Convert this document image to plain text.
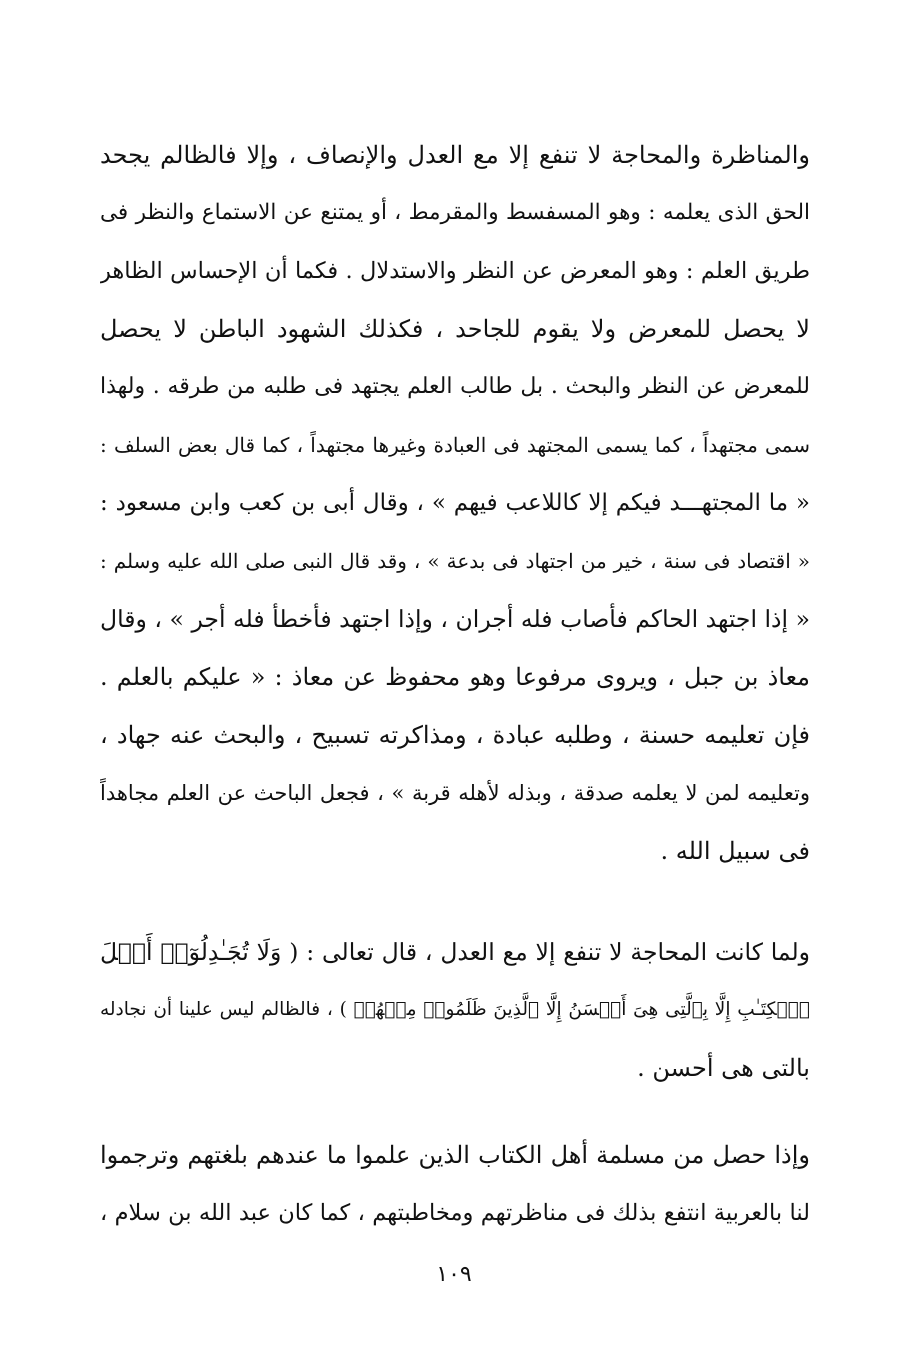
والمناظرة والمحاجة لا تنفع إلا مع العدل والإنصاف ، وإلا فالظالم يجحد
الحق الذى يعلمه : وهو المسفسط والمقرمط ، أو يمتنع عن الاستماع والنظر فى
طريق العلم : وهو المعرض عن النظر والاستدلال . فكما أن الإحساس الظاهر
لا يحصل للمعرض ولا يقوم للجاحد ، فكذلك الشهود الباطن لا يحصل
للمعرض عن النظر والبحث . بل طالب العلم يجتهد فى طلبه من طرقه . ولهذا
سمى مجتهداً ، كما يسمى المجتهد فى العبادة وغيرها مجتهداً ، كما قال بعض السلف :
« ما المجتهـــد فيكم إلا كاللاعب فيهم » ، وقال أبى بن كعب وابن مسعود :
« اقتصاد فى سنة ، خير من اجتهاد فى بدعة » ، وقد قال النبى صلى الله عليه وسلم :
« إذا اجتهد الحاكم فأصاب فله أجران ، وإذا اجتهد فأخطأ فله أجر » ، وقال
معاذ بن جبل ، ويروى مرفوعا وهو محفوظ عن معاذ : « عليكم بالعلم .
فإن تعليمه حسنة ، وطلبه عبادة ، ومذاكرته تسبيح ، والبحث عنه جهاد ،
وتعليمه لمن لا يعلمه صدقة ، وبذله لأهله قربة » ، فجعل الباحث عن العلم مجاهداً
فى سبيل الله .
ولما كانت المحاجة لا تنفع إلا مع العدل ، قال تعالى : ( وَلَا تُجَـٰدِلُوٓا۟ أَهۡلَ
ٱلۡكِتَـٰبِ إِلَّا بِٱلَّتِى هِىَ أَحۡسَنُ إِلَّا ٱلَّذِينَ ظَلَمُوا۟ مِنۡهُمۡ ) ، فالظالم ليس علينا أن نجادله
بالتى هى أحسن .
وإذا حصل من مسلمة أهل الكتاب الذين علموا ما عندهم بلغتهم وترجموا
لنا بالعربية انتفع بذلك فى مناظرتهم ومخاطبتهم ، كما كان عبد الله بن سلام ،
١٠٩
